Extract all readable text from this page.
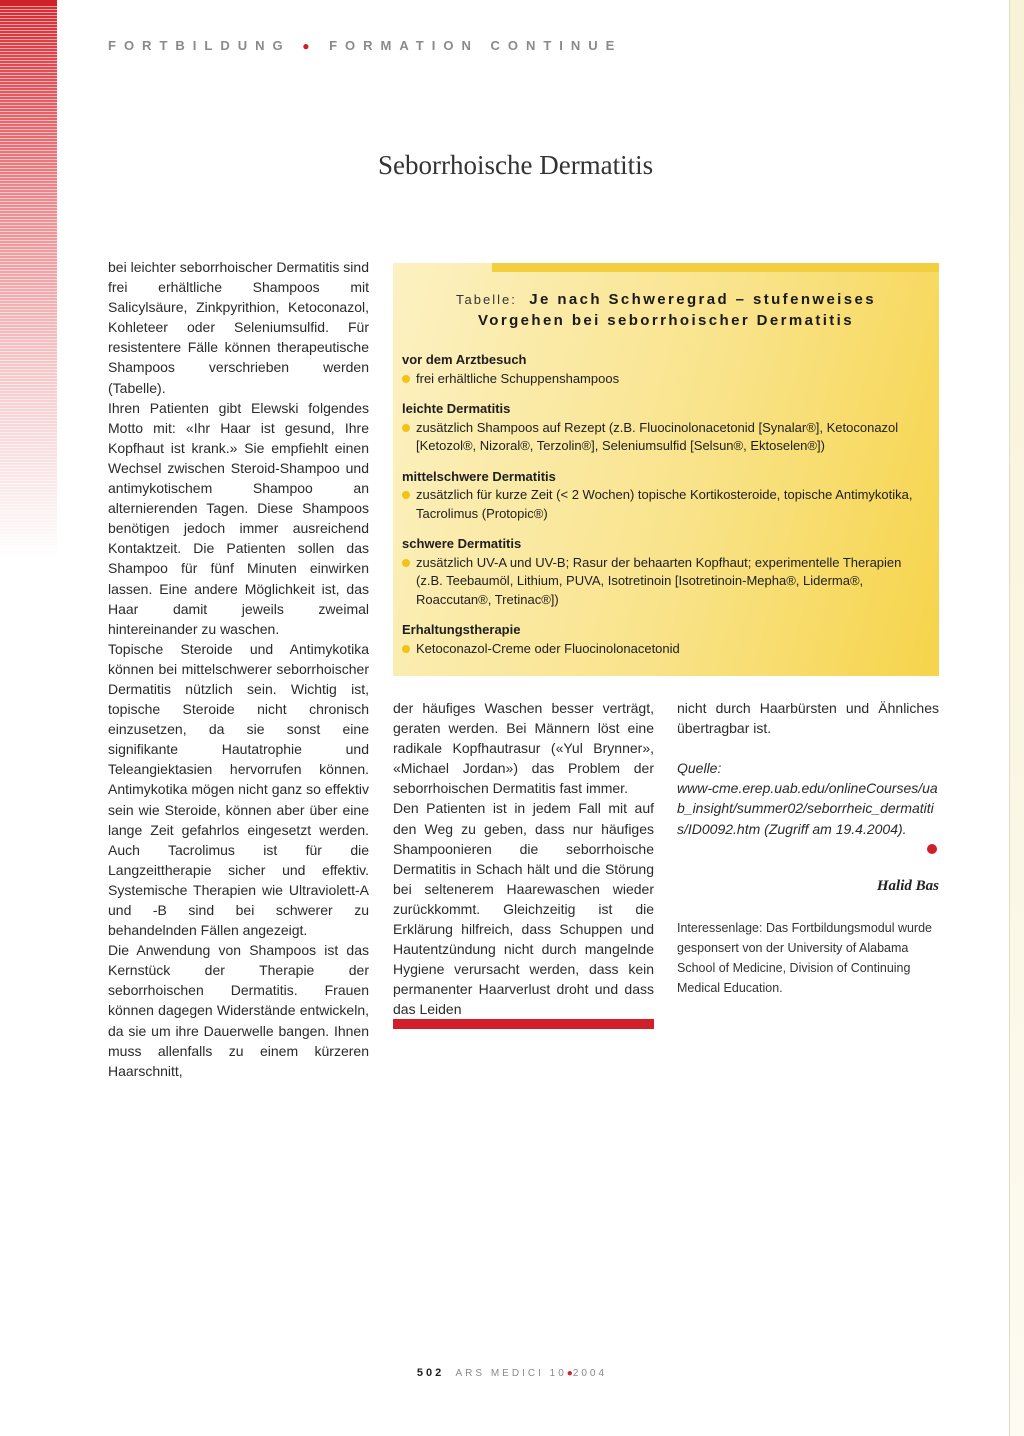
FORTBILDUNG ● FORMATION CONTINUE
Seborrhoische Dermatitis

bei leichter seborrhoischer Dermatitis sind frei erhältliche Shampoos mit Salicylsäure, Zinkpyrithion, Ketoconazol, Kohleteer oder Seleniumsulfid. Für resistentere Fälle können therapeutische Shampoos verschrieben werden (Tabelle).

Ihren Patienten gibt Elewski folgendes Motto mit: «Ihr Haar ist gesund, Ihre Kopfhaut ist krank.» Sie empfiehlt einen Wechsel zwischen Steroid-Shampoo und antimykotischem Shampoo an alternierenden Tagen. Diese Shampoos benötigen jedoch immer ausreichend Kontaktzeit. Die Patienten sollen das Shampoo für fünf Minuten einwirken lassen. Eine andere Möglichkeit ist, das Haar damit jeweils zweimal hintereinander zu waschen.

Topische Steroide und Antimykotika können bei mittelschwerer seborrhoischer Dermatitis nützlich sein. Wichtig ist, topische Steroide nicht chronisch einzusetzen, da sie sonst eine signifikante Hautatrophie und Teleangiektasien hervorrufen können. Antimykotika mögen nicht ganz so effektiv sein wie Steroide, können aber über eine lange Zeit gefahrlos eingesetzt werden. Auch Tacrolimus ist für die Langzeittherapie sicher und effektiv. Systemische Therapien wie Ultraviolett-A und -B sind bei schwerer zu behandelnden Fällen angezeigt.

Die Anwendung von Shampoos ist das Kernstück der Therapie der seborrhoischen Dermatitis. Frauen können dagegen Widerstände entwickeln, da sie um ihre Dauerwelle bangen. Ihnen muss allenfalls zu einem kürzeren Haarschnitt,

Tabelle: Je nach Schweregrad – stufenweises
Vorgehen bei seborrhoischer Dermatitis
vor dem Arztbesuch
frei erhältliche Schuppenshampoos
leichte Dermatitis
zusätzlich Shampoos auf Rezept (z.B. Fluocinolonacetonid [Synalar®], Ketoconazol [Ketozol®, Nizoral®, Terzolin®], Seleniumsulfid [Selsun®, Ektoselen®])
mittelschwere Dermatitis
zusätzlich für kurze Zeit (< 2 Wochen) topische Kortikosteroide, topische Antimykotika, Tacrolimus (Protopic®)
schwere Dermatitis
zusätzlich UV-A und UV-B; Rasur der behaarten Kopfhaut; experimentelle Therapien (z.B. Teebaumöl, Lithium, PUVA, Isotretinoin [Isotretinoin-Mepha®, Liderma®, Roaccutan®, Tretinac®])
Erhaltungstherapie
Ketoconazol-Creme oder Fluocinolonacetonid

der häufiges Waschen besser verträgt, geraten werden. Bei Männern löst eine radikale Kopfhautrasur («Yul Brynner», «Michael Jordan») das Problem der seborrhoischen Dermatitis fast immer.

Den Patienten ist in jedem Fall mit auf den Weg zu geben, dass nur häufiges Shampoonieren die seborrhoische Dermatitis in Schach hält und die Störung bei seltenerem Haarewaschen wieder zurückkommt. Gleichzeitig ist die Erklärung hilfreich, dass Schuppen und Hautentzündung nicht durch mangelnde Hygiene verursacht werden, dass kein permanenter Haarverlust droht und dass das Leiden

nicht durch Haarbürsten und Ähnliches übertragbar ist.

Quelle:

www-cme.erep.uab.edu/onlineCourses/uab_insight/summer02/seborrheic_dermatitis/ID0092.htm (Zugriff am 19.4.2004).

Halid Bas

Interessenlage: Das Fortbildungsmodul wurde gesponsert von der University of Alabama School of Medicine, Division of Continuing Medical Education.

502 ARS MEDICI 10●2004
